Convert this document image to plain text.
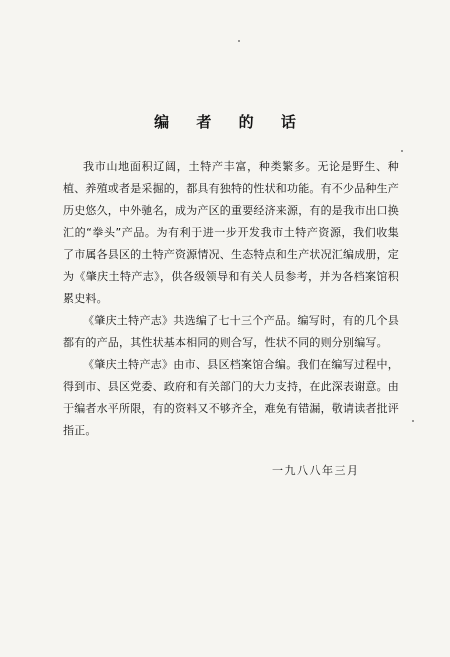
编 者 的 话

我市山地面积辽阔，土特产丰富，种类繁多。无论是野生、种植、养殖或者是采掘的，都具有独特的性状和功能。有不少品种生产历史悠久，中外驰名，成为产区的重要经济来源，有的是我市出口换汇的“拳头”产品。为有利于进一步开发我市土特产资源，我们收集了市属各县区的土特产资源情况、生态特点和生产状况汇编成册，定为《肇庆土特产志》，供各级领导和有关人员参考，并为各档案馆积累史料。

《肇庆土特产志》共选编了七十三个产品。编写时，有的几个县都有的产品，其性状基本相同的则合写，性状不同的则分别编写。

《肇庆土特产志》由市、县区档案馆合编。我们在编写过程中，得到市、县区党委、政府和有关部门的大力支持，在此深表谢意。由于编者水平所限，有的资料又不够齐全，难免有错漏，敬请读者批评指正。

一九八八年三月
